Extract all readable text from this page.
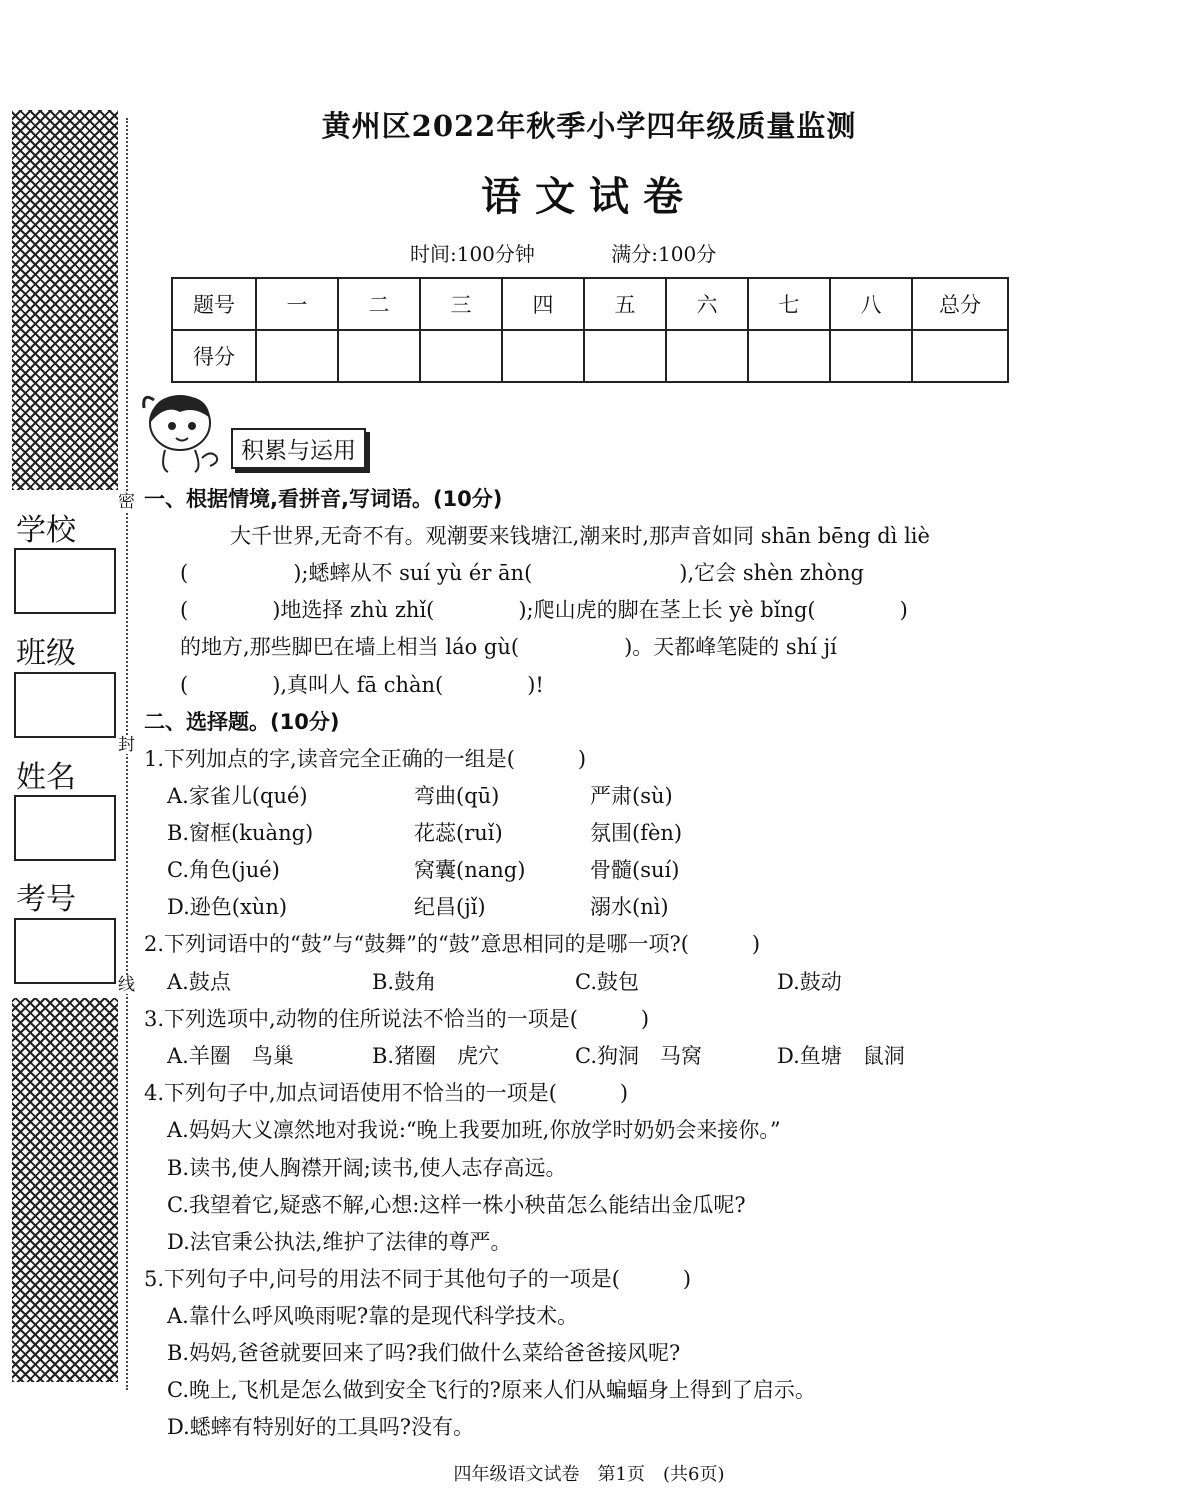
密
封
线
学校
班级
姓名
考号
黄州区2022年秋季小学四年级质量监测
语文试卷
时间:100分钟	满分:100分
题号	一	二	三	四	五	六	七	八	总分
得分									
积累与运用
一、根据情境,看拼音,写词语。(10分)
大千世界,无奇不有。观潮要来钱塘江,潮来时,那声音如同 shān bēng dì liè
(　　　　　);蟋蟀从不 suí yù ér ān(　　　　　　　),它会 shèn zhòng
(　　　　)地选择 zhù zhǐ(　　　　);爬山虎的脚在茎上长 yè bǐng(　　　　)
的地方,那些脚巴在墙上相当 láo gù(　　　　　)。天都峰笔陡的 shí jí
(　　　　),真叫人 fā chàn(　　　　)!
二、选择题。(10分)
1.下列加点的字,读音完全正确的一组是(　　　)
A.家雀儿(qué)	弯曲(qū)	严肃(sù)
B.窗框(kuàng)	花蕊(ruǐ)	氛围(fèn)
C.角色(jué)	窝囊(nang)	骨髓(suí)
D.逊色(xùn)	纪昌(jǐ)	溺水(nì)
2.下列词语中的“鼓”与“鼓舞”的“鼓”意思相同的是哪一项?(　　　)
A.鼓点	B.鼓角	C.鼓包	D.鼓动
3.下列选项中,动物的住所说法不恰当的一项是(　　　)
A.羊圈　鸟巢	B.猪圈　虎穴	C.狗洞　马窝	D.鱼塘　鼠洞
4.下列句子中,加点词语使用不恰当的一项是(　　　)
A.妈妈大义凛然地对我说:“晚上我要加班,你放学时奶奶会来接你。”
B.读书,使人胸襟开阔;读书,使人志存高远。
C.我望着它,疑惑不解,心想:这样一株小秧苗怎么能结出金瓜呢?
D.法官秉公执法,维护了法律的尊严。
5.下列句子中,问号的用法不同于其他句子的一项是(　　　)
A.靠什么呼风唤雨呢?靠的是现代科学技术。
B.妈妈,爸爸就要回来了吗?我们做什么菜给爸爸接风呢?
C.晚上,飞机是怎么做到安全飞行的?原来人们从蝙蝠身上得到了启示。
D.蟋蟀有特别好的工具吗?没有。
四年级语文试卷　第1页　(共6页)
